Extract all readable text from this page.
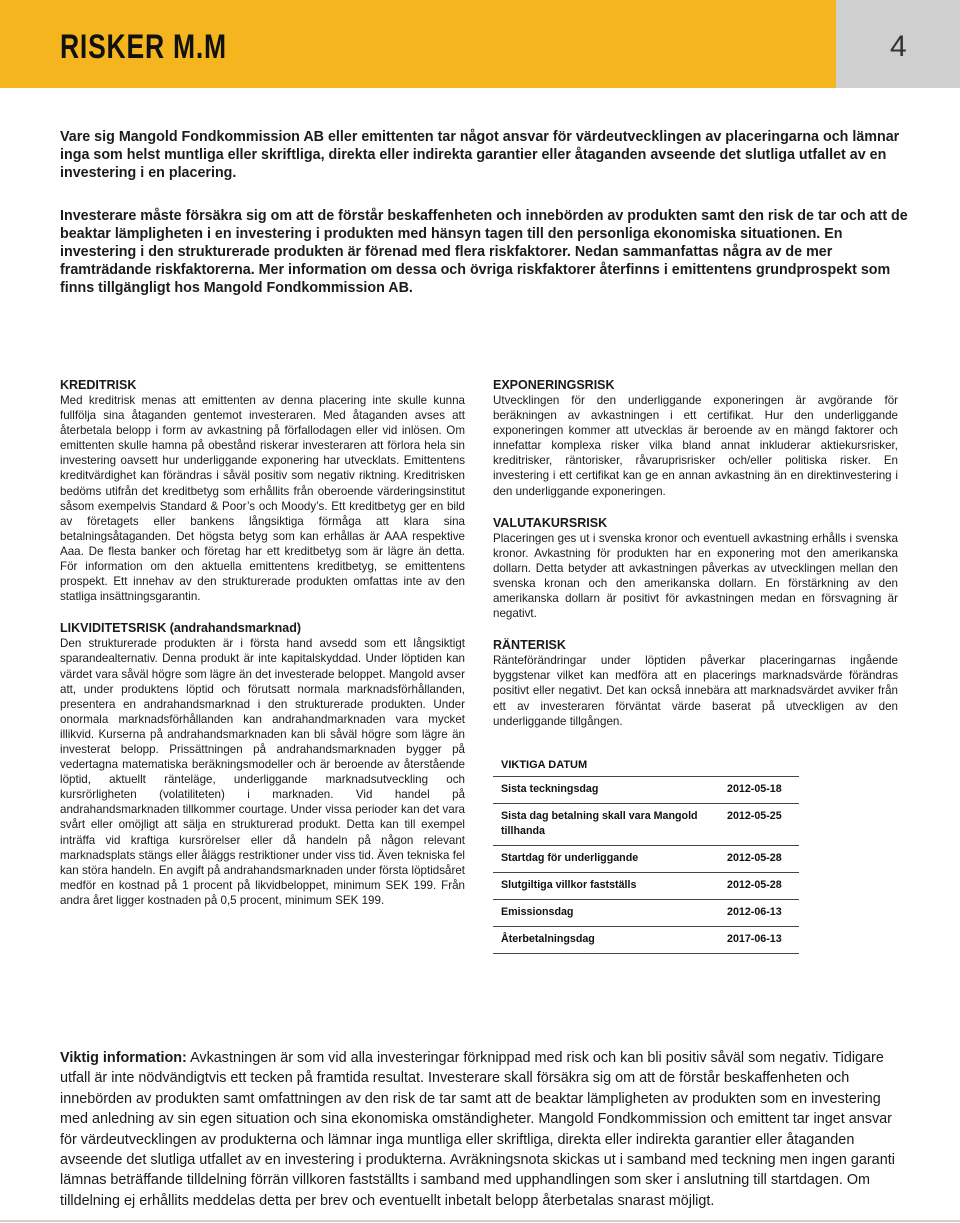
RISKER M.M	4

Vare sig Mangold Fondkommission AB eller emittenten tar något ansvar för värdeutvecklingen av placeringarna och lämnar inga som helst muntliga eller skriftliga, direkta eller indirekta garantier eller åtaganden avseende det slutliga utfallet av en investering i en placering.

Investerare måste försäkra sig om att de förstår beskaffenheten och innebörden av produkten samt den risk de tar och att de beaktar lämpligheten i en investering i produkten med hänsyn tagen till den personliga ekonomiska situationen. En investering i den strukturerade produkten är förenad med flera riskfaktorer. Nedan sammanfattas några av de mer framträdande riskfaktorerna. Mer information om dessa och övriga riskfaktorer återfinns i emittentens grundprospekt som finns tillgängligt hos Mangold Fondkommission AB.

KREDITRISK

Med kreditrisk menas att emittenten av denna placering inte skulle kunna fullfölja sina åtaganden gentemot investeraren. Med åtaganden avses att återbetala belopp i form av avkastning på förfallodagen eller vid inlösen. Om emittenten skulle hamna på obestånd riskerar investeraren att förlora hela sin investering oavsett hur underliggande exponering har utvecklats. Emittentens kreditvärdighet kan förändras i såväl positiv som negativ riktning. Kreditrisken bedöms utifrån det kreditbetyg som erhållits från oberoende värderingsinstitut såsom exempelvis Standard & Poor’s och Moody’s. Ett kreditbetyg ger en bild av företagets eller bankens långsiktiga förmåga att klara sina betalningsåtaganden. Det högsta betyg som kan erhållas är AAA respektive Aaa. De flesta banker och företag har ett kreditbetyg som är lägre än detta. För information om den aktuella emittentens kreditbetyg, se emittentens prospekt. Ett innehav av den strukturerade produkten omfattas inte av den statliga insättningsgarantin.

LIKVIDITETSRISK (andrahandsmarknad)

Den strukturerade produkten är i första hand avsedd som ett långsiktigt sparandealternativ. Denna produkt är inte kapitalskyddad. Under löptiden kan värdet vara såväl högre som lägre än det investerade beloppet. Mangold avser att, under produktens löptid och förutsatt normala marknadsförhållanden, presentera en andrahandsmarknad i den strukturerade produkten. Under onormala marknadsförhållanden kan andrahandmarknaden vara mycket illikvid. Kurserna på andrahandsmarknaden kan bli såväl högre som lägre än investerat belopp. Prissättningen på andrahandsmarknaden bygger på vedertagna matematiska beräkningsmodeller och är beroende av återstående löptid, aktuellt ränteläge, underliggande marknadsutveckling och kursrörligheten (volatiliteten) i marknaden. Vid handel på andrahandsmarknaden tillkommer courtage. Under vissa perioder kan det vara svårt eller omöjligt att sälja en strukturerad produkt. Detta kan till exempel inträffa vid kraftiga kursrörelser eller då handeln på någon relevant marknadsplats stängs eller åläggs restriktioner under viss tid. Även tekniska fel kan störa handeln. En avgift på andrahandsmarknaden under första löptidsåret medför en kostnad på 1 procent på likvidbeloppet, minimum SEK 199. Från andra året ligger kostnaden på 0,5 procent, minimum SEK 199.

EXPONERINGSRISK

Utvecklingen för den underliggande exponeringen är avgörande för beräkningen av avkastningen i ett certifikat. Hur den underliggande exponeringen kommer att utvecklas är beroende av en mängd faktorer och innefattar komplexa risker vilka bland annat inkluderar aktiekursrisker, kreditrisker, räntorisker, råvaruprisrisker och/eller politiska risker. En investering i ett certifikat kan ge en annan avkastning än en direktinvestering i den underliggande exponeringen.

VALUTAKURSRISK

Placeringen ges ut i svenska kronor och eventuell avkastning erhålls i svenska kronor. Avkastning för produkten har en exponering mot den amerikanska dollarn. Detta betyder att avkastningen påverkas av utvecklingen mellan den svenska kronan och den amerikanska dollarn. En förstärkning av den amerikanska dollarn är positivt för avkastningen medan en försvagning är negativt.

RÄNTERISK

Ränteförändringar under löptiden påverkar placeringarnas ingående byggstenar vilket kan medföra att en placerings marknadsvärde förändras positivt eller negativt. Det kan också innebära att marknadsvärdet avviker från ett av investeraren förväntat värde baserat på utveckligen av den underliggande tillgången.

VIKTIGA DATUM
Sista teckningsdag	2012-05-18
Sista dag betalning skall vara Mangold tillhanda
2012-05-25
Startdag för underliggande	2012-05-28
Slutgiltiga villkor fastställs	2012-05-28
Emissionsdag	2012-06-13
Återbetalningsdag	2017-06-13

Viktig information: Avkastningen är som vid alla investeringar förknippad med risk och kan bli positiv såväl som negativ. Tidigare utfall är inte nödvändigtvis ett tecken på framtida resultat. Investerare skall försäkra sig om att de förstår beskaffenheten och innebörden av produkten samt omfattningen av den risk de tar samt att de beaktar lämpligheten av produkten som en investering med anledning av sin egen situation och sina ekonomiska omständigheter. Mangold Fondkommission och emittent tar inget ansvar för värdeutvecklingen av produkterna och lämnar inga muntliga eller skriftliga, direkta eller indirekta garantier eller åtaganden avseende det slutliga utfallet av en investering i produkterna. Avräkningsnota skickas ut i samband med teckning men ingen garanti lämnas beträffande tilldelning förrän villkoren fastställts i samband med upphandlingen som sker i anslutning till startdagen. Om tilldelning ej erhållits meddelas detta per brev och eventuellt inbetalt belopp återbetalas snarast möjligt.
